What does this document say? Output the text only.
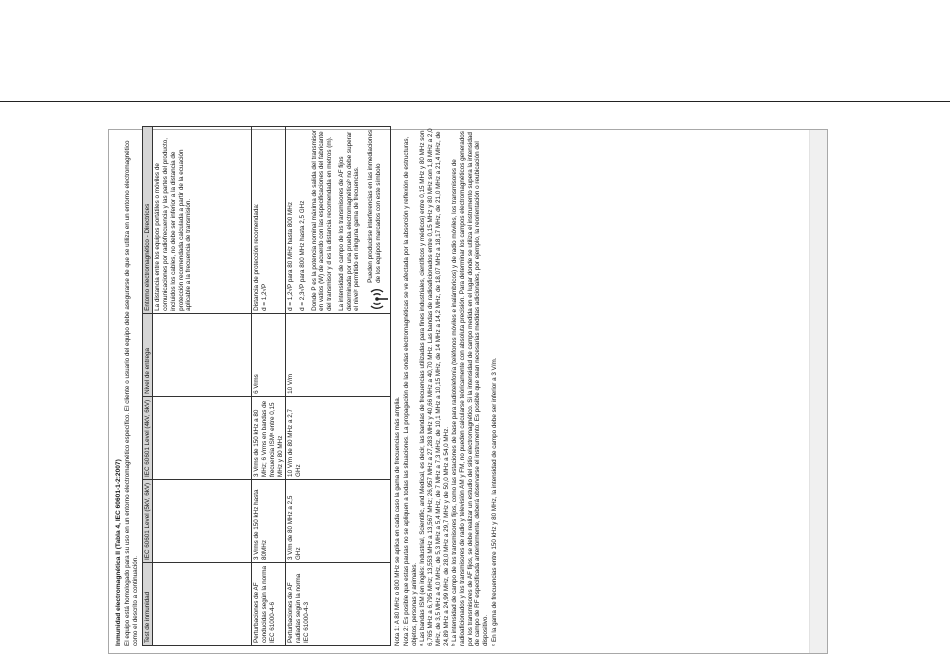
Inmunidad electromagnética II (Tabla 4, IEC 60601-1-2:2007) El equipo está homologado para su uso en un entorno electromagnético específico. El cliente o usuario del equipo debe asegurarse de que se utiliza en un entorno electromagnético como el descrito a continuación. Test de inmunidad	IEC 60601 Level (5kV, 6kV)	IEC 60601 Level (4kV, 6kV)	Nivel de entrega	Entorno electromagnético - Directrices
				La distancia entre los equipos portátiles o móviles de comunicaciones por radiofrecuencia y las partes del producto, incluidos los cables, no debe ser inferior a la distancia de protección recomendada calculada a partir de la ecuación aplicable a la frecuencia de transmisión.
Perturbaciones de AF conducidas según la norma IEC 61000-4-6	3 Vrms de 150 kHz hasta 80MHz	3 Vrms de 150 kHz a 80 MHz; 6 Vrms en bandas de frecuencia ISMᵃ entre 0,15 MHz y 80 MHz	6 Vrms	Distancia de protección recomendada: d = 1,2√P

Perturbaciones de AF radiadas según la norma IEC 61000-4-3	3 V/m de 80 MHz a 2,5 GHz	10 V/m de 80 MHz a 2,7 GHz	10 V/m	d = 1,2√P para 80 MHz hasta 800 MHz d = 2,3√P para 800 MHz hasta 2,5 GHz Donde P es la potencia nominal máxima de salida del transmisor en vatios (W) de acuerdo con las especificaciones del fabricante del transmisor y d es la distancia recomendada en metros (m). La intensidad de campo de los transmisores de AF fijos determinada por una prueba electromagnéticaᵇ no debe superar el nivelᶜ permitido en ninguna gama de frecuencias. Pueden producirse interferencias en las inmediaciones de los equipos marcados con este símbolo
Nota 1: A 80 MHz o 800 MHz se aplica en cada caso la gama de frecuencias más amplia. Nota 2: Es posible que estas pautas no se apliquen a todas las situaciones. La propagación de las ondas electromagnéticas se ve afectada por la absorción y reflexión de estructuras, objetos, personas y animales. ᵃ Las bandas ISM (en inglés: Industrial, Scientific, and Medical, es decir, las bandas de frecuencias utilizadas para fines industriales, científicos y médicos) entre 0,15 MHz y 80 MHz son 6,765 MHz a 6,795 MHz; 13,553 MHz a 13,567 MHz; 26,957 MHz a 27,283 MHz y 40,66 MHz a 40,70 MHz. Las bandas de radioaficionados entre 0,15 MHz y 80 MHz son 1,8 MHz a 2,0 MHz, de 3,5 MHz a 4,0 MHz, de 5,3 MHz a 5,4 MHz, de 7 MHz a 7,3 MHz, de 10,1 MHz a 10,15 MHz, de 14 MHz a 14,2 MHz, de 18,07 MHz a 18,17 MHz, de 21,0 MHz a 21,4 MHz, de 24,89 MHz a 24,99 MHz, de 28,0 MHz a 29,7 MHz y de 50,0 MHz a 54,0 MHz. ᵇ La intensidad de campo de los transmisores fijos, como las estaciones de base para radiotelefonía (teléfonos móviles e inalámbricos) y de radio móviles, los transmisores de radioaficionados y los transmisores de radio y televisión AM y FM, no pueden calcularse teóricamente con absoluta precisión. Para determinar los campos electromagnéticos generados por los transmisores de AF fijos, se debe realizar un estudio del sitio electromagnético. Si la intensidad de campo medida en el lugar donde se utiliza el instrumento supera la intensidad de campo de RF especificada anteriormente, deberá observarse el instrumento. Es posible que sean necesarias medidas adicionales, por ejemplo, la reorientación o reubicación del dispositivo. ᶜ En la gama de frecuencias entre 150 kHz y 80 MHz, la intensidad de campo debe ser inferior a 3 V/m.
